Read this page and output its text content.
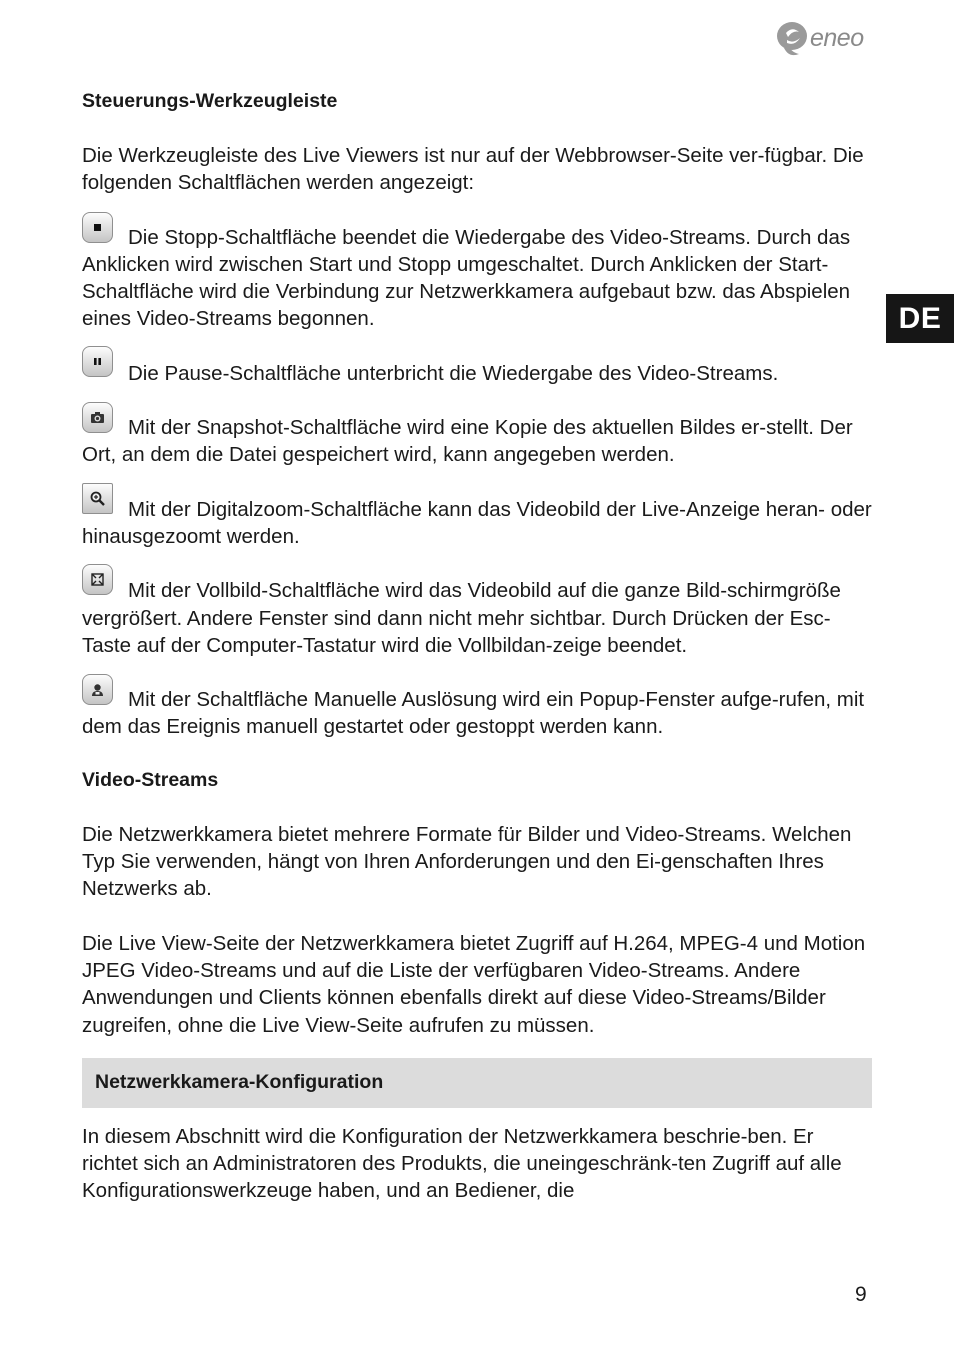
eneo
DE
Steuerungs-Werkzeugleiste
Die Werkzeugleiste des Live Viewers ist nur auf der Webbrowser-Seite ver-fügbar. Die folgenden Schaltflächen werden angezeigt:
Die Stopp-Schaltfläche beendet die Wiedergabe des Video-Streams. Durch das Anklicken wird zwischen Start und Stopp umgeschaltet. Durch Anklicken der Start-Schaltfläche wird die Verbindung zur Netzwerkkamera aufgebaut bzw. das Abspielen eines Video-Streams begonnen.
Die Pause-Schaltfläche unterbricht die Wiedergabe des Video-Streams.
Mit der Snapshot-Schaltfläche wird eine Kopie des aktuellen Bildes er-stellt. Der Ort, an dem die Datei gespeichert wird, kann angegeben werden.
Mit der Digitalzoom-Schaltfläche kann das Videobild der Live-Anzeige heran- oder hinausgezoomt werden.
Mit der Vollbild-Schaltfläche wird das Videobild auf die ganze Bild-schirmgröße vergrößert. Andere Fenster sind dann nicht mehr sichtbar. Durch Drücken der Esc-Taste auf der Computer-Tastatur wird die Vollbildan-zeige beendet.
Mit der Schaltfläche Manuelle Auslösung wird ein Popup-Fenster aufge-rufen, mit dem das Ereignis manuell gestartet oder gestoppt werden kann.
Video-Streams
Die Netzwerkkamera bietet mehrere Formate für Bilder und Video-Streams. Welchen Typ Sie verwenden, hängt von Ihren Anforderungen und den Ei-genschaften Ihres Netzwerks ab.
Die Live View-Seite der Netzwerkkamera bietet Zugriff auf H.264, MPEG-4 und Motion JPEG Video-Streams und auf die Liste der verfügbaren Video-Streams. Andere Anwendungen und Clients können ebenfalls direkt auf diese Video-Streams/Bilder zugreifen, ohne die Live View-Seite aufrufen zu müssen.
Netzwerkkamera-Konfiguration
In diesem Abschnitt wird die Konfiguration der Netzwerkkamera beschrie-ben. Er richtet sich an Administratoren des Produkts, die uneingeschränk-ten Zugriff auf alle Konfigurationswerkzeuge haben, und an Bediener, die
9
